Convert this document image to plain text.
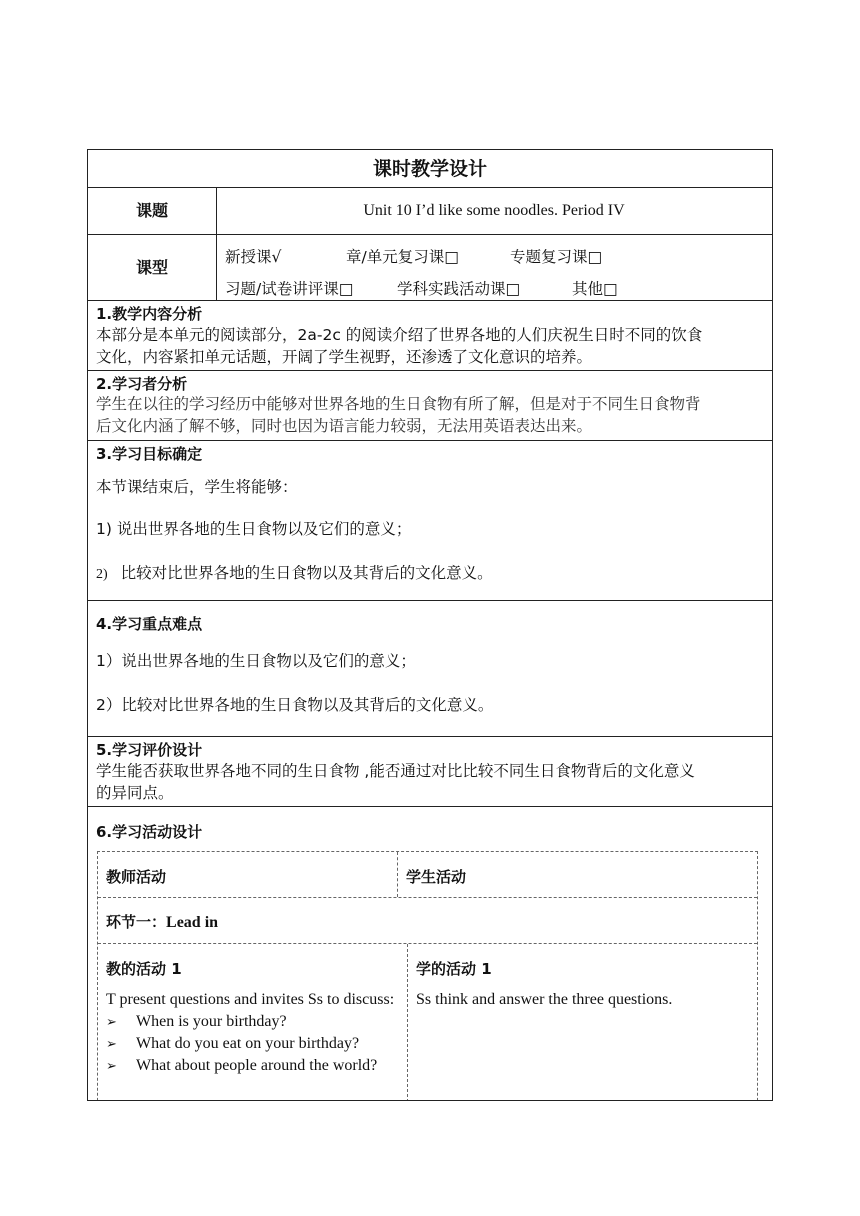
课时教学设计
课题	Unit 10 I’d like some noodles. Period IV
课型
新授课√	章/单元复习课□	专题复习课□
习题/试卷讲评课□	学科实践活动课□	其他□
1.教学内容分析
本部分是本单元的阅读部分，2a-2c 的阅读介绍了世界各地的人们庆祝生日时不同的饮食
文化，内容紧扣单元话题，开阔了学生视野，还渗透了文化意识的培养。
2.学习者分析
学生在以往的学习经历中能够对世界各地的生日食物有所了解，但是对于不同生日食物背
后文化内涵了解不够，同时也因为语言能力较弱，无法用英语表达出来。
3.学习目标确定
本节课结束后，学生将能够：
1) 说出世界各地的生日食物以及它们的意义；
2) 比较对比世界各地的生日食物以及其背后的文化意义。
4.学习重点难点
1）说出世界各地的生日食物以及它们的意义；
2）比较对比世界各地的生日食物以及其背后的文化意义。
5.学习评价设计
学生能否获取世界各地不同的生日食物 ,能否通过对比比较不同生日食物背后的文化意义
的异同点。
6.学习活动设计
教师活动	学生活动
环节一：Lead in
教的活动 1
T present questions and invites Ss to discuss:
➢	When is your birthday?
➢	What do you eat on your birthday?
➢	What about people around the world?
学的活动 1
Ss think and answer the three questions.
